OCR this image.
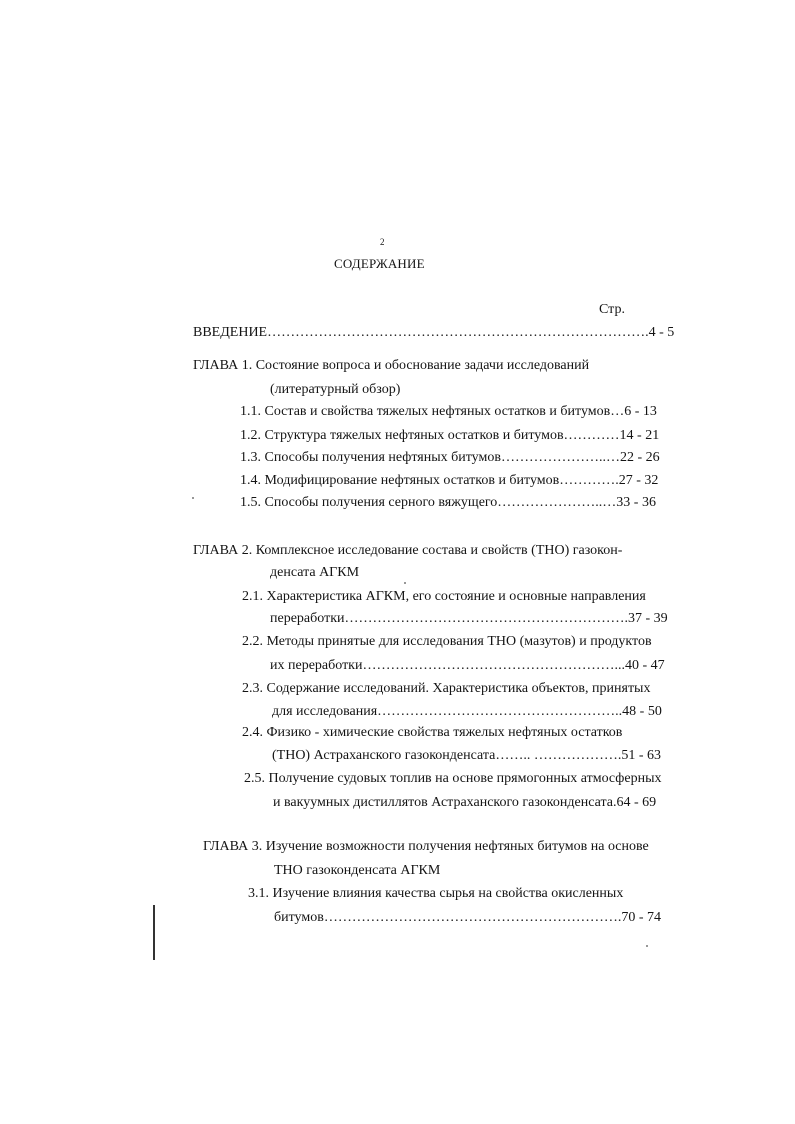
2
СОДЕРЖАНИЕ
Стр.
ВВЕДЕНИЕ……………………………………………………………………….4 - 5
ГЛАВА 1. Состояние вопроса и обоснование задачи исследований
(литературный обзор)
1.1. Состав и свойства тяжелых нефтяных остатков и битумов…6 - 13
1.2. Структура тяжелых нефтяных остатков и битумов…………14 - 21
1.3. Способы получения нефтяных битумов…………………..…22 - 26
1.4. Модифицирование нефтяных остатков и битумов………….27 - 32
1.5. Способы получения серного вяжущего…………………..…33 - 36
ГЛАВА 2. Комплексное исследование состава и свойств (ТНО) газокон-
денсата АГКМ
2.1. Характеристика АГКМ, его состояние и основные направления
переработки…………………………………………………….37 - 39
2.2. Методы принятые для исследования ТНО (мазутов) и продуктов
их переработки………………………………………………...40 - 47
2.3. Содержание исследований. Характеристика объектов, принятых
для исследования……………………………………………..48 - 50
2.4. Физико - химические свойства тяжелых нефтяных остатков
(ТНО) Астраханского газоконденсата…….. ……………….51 - 63
2.5. Получение судовых топлив на основе прямогонных атмосферных
и вакуумных дистиллятов Астраханского газоконденсата.64 - 69
ГЛАВА 3. Изучение возможности получения нефтяных битумов на основе
ТНО газоконденсата АГКМ
3.1. Изучение влияния качества сырья на свойства окисленных
битумов……………………………………………………….70 - 74
